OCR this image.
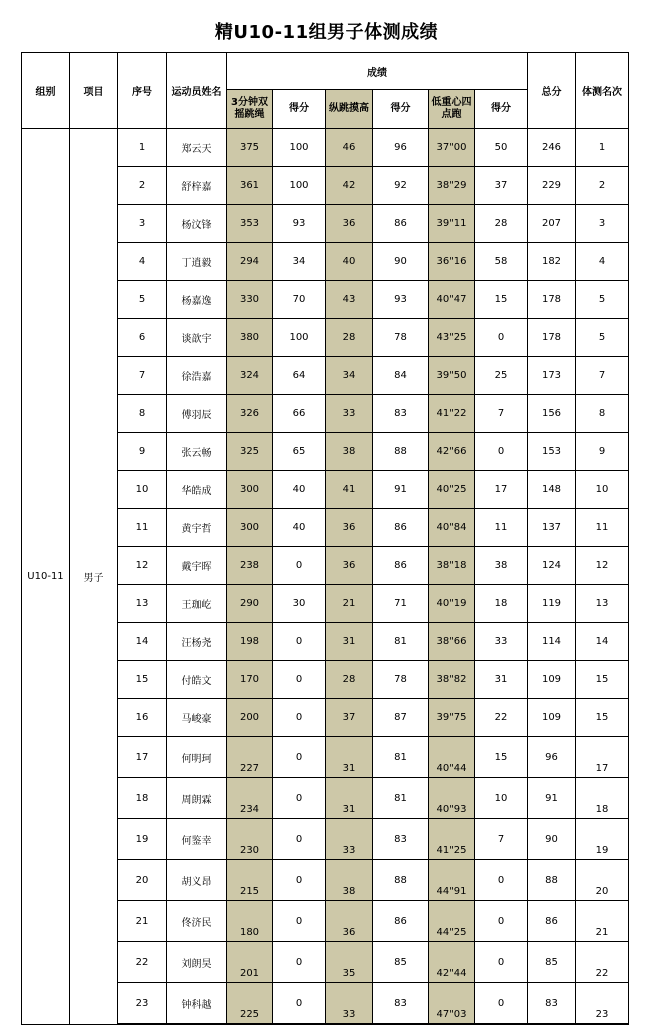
精U10-11组男子体测成绩
组别	项目	序号	运动员姓名	成绩						总分	体测名次
				3分钟双摇跳绳	得分	纵跳摸高	得分	低重心四点跑	得分		
U10-11	男子	1	郑云天	375	100	46	96	37"00	50	246	1
		2	舒梓嘉	361	100	42	92	38"29	37	229	2
		3	杨汶锋	353	93	36	86	39"11	28	207	3
		4	丁逍毅	294	34	40	90	36"16	58	182	4
		5	杨嘉逸	330	70	43	93	40"47	15	178	5
		6	谈歆宇	380	100	28	78	43"25	0	178	5
		7	徐浩嘉	324	64	34	84	39"50	25	173	7
		8	傅羽辰	326	66	33	83	41"22	7	156	8
		9	张云畅	325	65	38	88	42"66	0	153	9
		10	华皓成	300	40	41	91	40"25	17	148	10
		11	黄宇哲	300	40	36	86	40"84	11	137	11
		12	戴宇晖	238	0	36	86	38"18	38	124	12
		13	王珈屹	290	30	21	71	40"19	18	119	13
		14	汪杨尧	198	0	31	81	38"66	33	114	14
		15	付皓文	170	0	28	78	38"82	31	109	15
		16	马峻豪	200	0	37	87	39"75	22	109	15
		17	何明珂	227	0	31	81	40"44	15	96	17
		18	周朗霖	234	0	31	81	40"93	10	91	18
		19	何鉴幸	230	0	33	83	41"25	7	90	19
		20	胡义昂	215	0	38	88	44"91	0	88	20
		21	佟济民	180	0	36	86	44"25	0	86	21
		22	刘朗昊	201	0	35	85	42"44	0	85	22
		23	钟科越	225	0	33	83	47"03	0	83	23
